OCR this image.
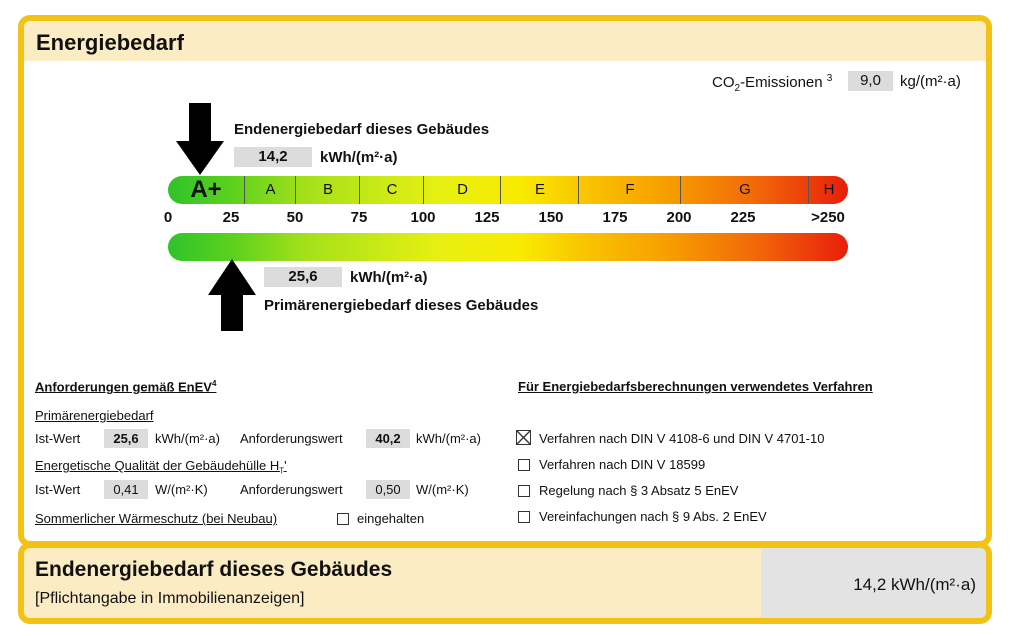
Energiebedarf
$CO_2$-Emissionen $^3$	9,0	kg/(m²·a)
Endenergiebedarf dieses Gebäudes
14,2	kWh/(m²·a)
A+	A	B	C	D	E	F	G	H
0	25	50	75	100	125	150	175	200	225	>250
25,6	kWh/(m²·a)
Primärenergiebedarf dieses Gebäudes
Anforderungen gemäß EnEV$^4$
Primärenergiebedarf
Ist-Wert	25,6	kWh/(m²·a) Anforderungswert	40,2	kWh/(m²·a)
Energetische Qualität der Gebäudehülle $H_T'$
Ist-Wert	0,41	W/(m²·K) Anforderungswert	0,50	W/(m²·K)
Sommerlicher Wärmeschutz (bei Neubau)	eingehalten
Für Energiebedarfsberechnungen verwendetes Verfahren
Verfahren nach DIN V 4108-6 und DIN V 4701-10
Verfahren nach DIN V 18599
Regelung nach § 3 Absatz 5 EnEV
Vereinfachungen nach § 9 Abs. 2 EnEV
Endenergiebedarf dieses Gebäudes
[Pflichtangabe in Immobilienanzeigen]
14,2 kWh/(m²·a)
